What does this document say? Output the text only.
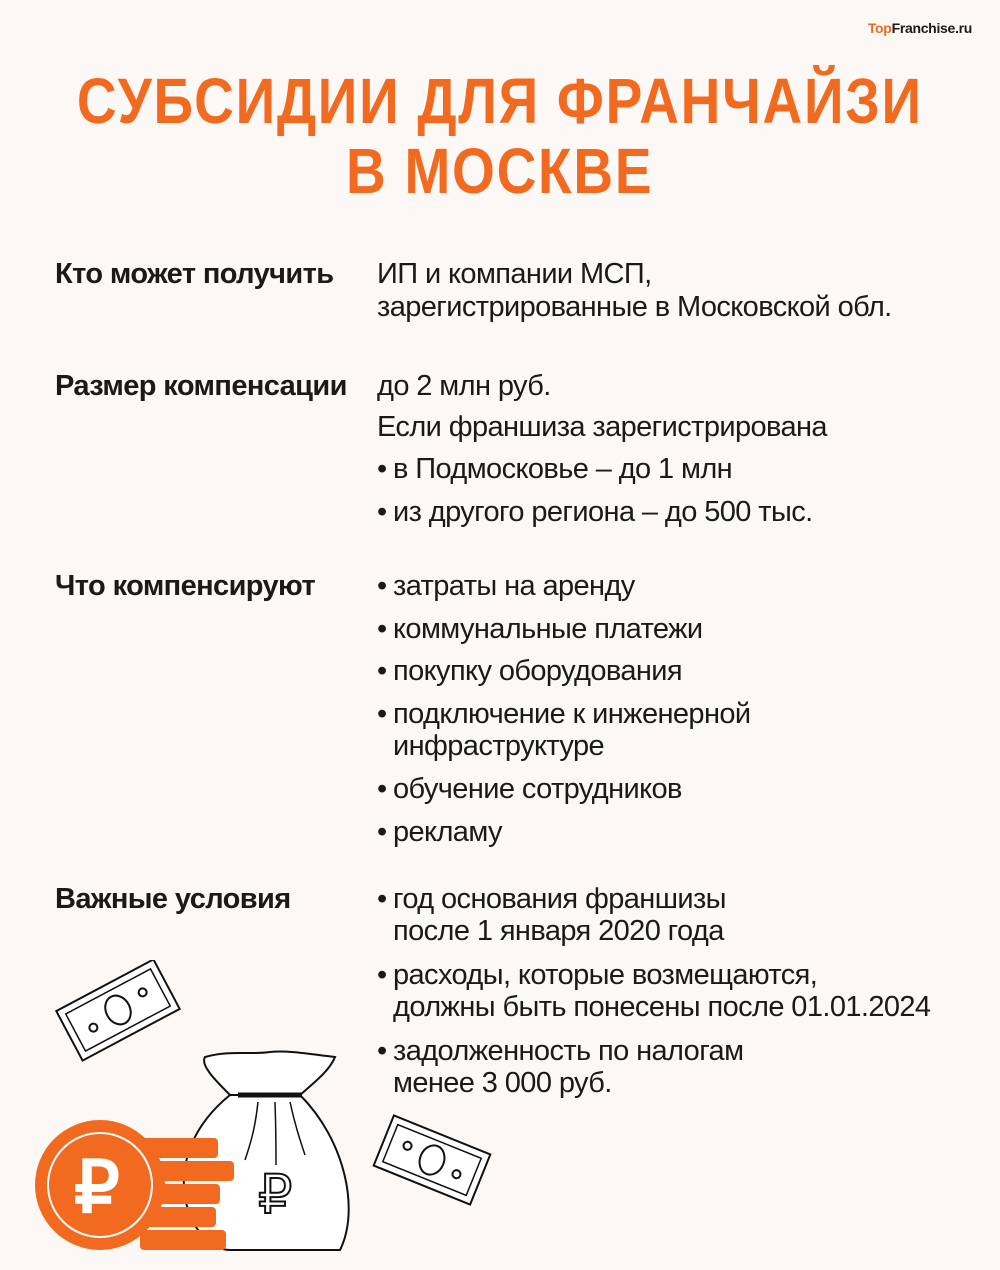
TopFranchise.ru
СУБСИДИИ ДЛЯ ФРАНЧАЙЗИ
В МОСКВЕ
Кто может получить ИП и компании МСП,
зарегистрированные в Московской обл.
Размер компенсации до 2 млн руб.
Если франшиза зарегистрирована
• в Подмосковье – до 1 млн
• из другого региона – до 500 тыс.
Что компенсируют • затраты на аренду
• коммунальные платежи
• покупку оборудования
• подключение к инженерной
инфраструктуре
• обучение сотрудников
• рекламу
Важные условия	• год основания франшизы
после 1 января 2020 года
• расходы, которые возмещаются,
должны быть понесены после 01.01.2024
• задолженность по налогам
менее 3 000 руб.
₽
₽
